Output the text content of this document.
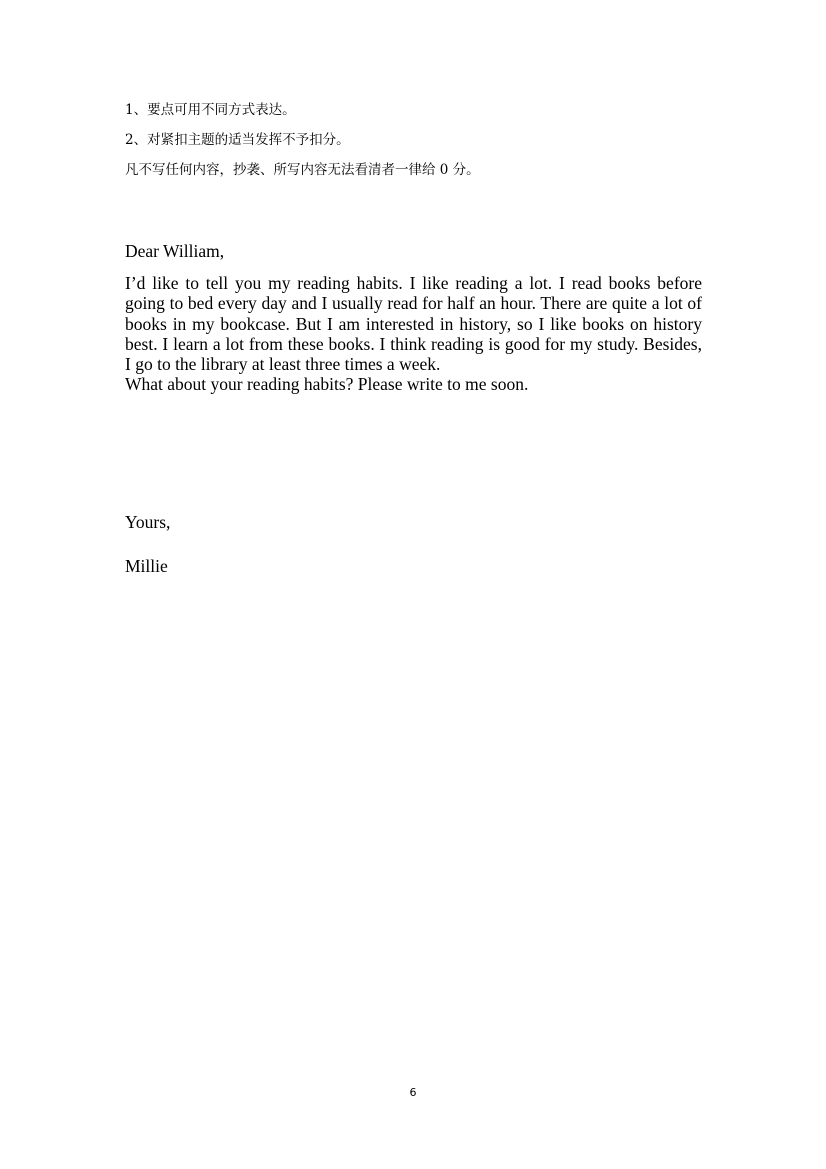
1、要点可用不同方式表达。

2、对紧扣主题的适当发挥不予扣分。

凡不写任何内容，抄袭、所写内容无法看清者一律给 0 分。

Dear William,

I’d like to tell you my reading habits. I like reading a lot. I read books before going to bed every day and I usually read for half an hour. There are quite a lot of books in my bookcase. But I am interested in history, so I like books on history best. I learn a lot from these books. I think reading is good for my study. Besides, I go to the library at least three times a week.

What about your reading habits? Please write to me soon.

Yours,

Millie

6
